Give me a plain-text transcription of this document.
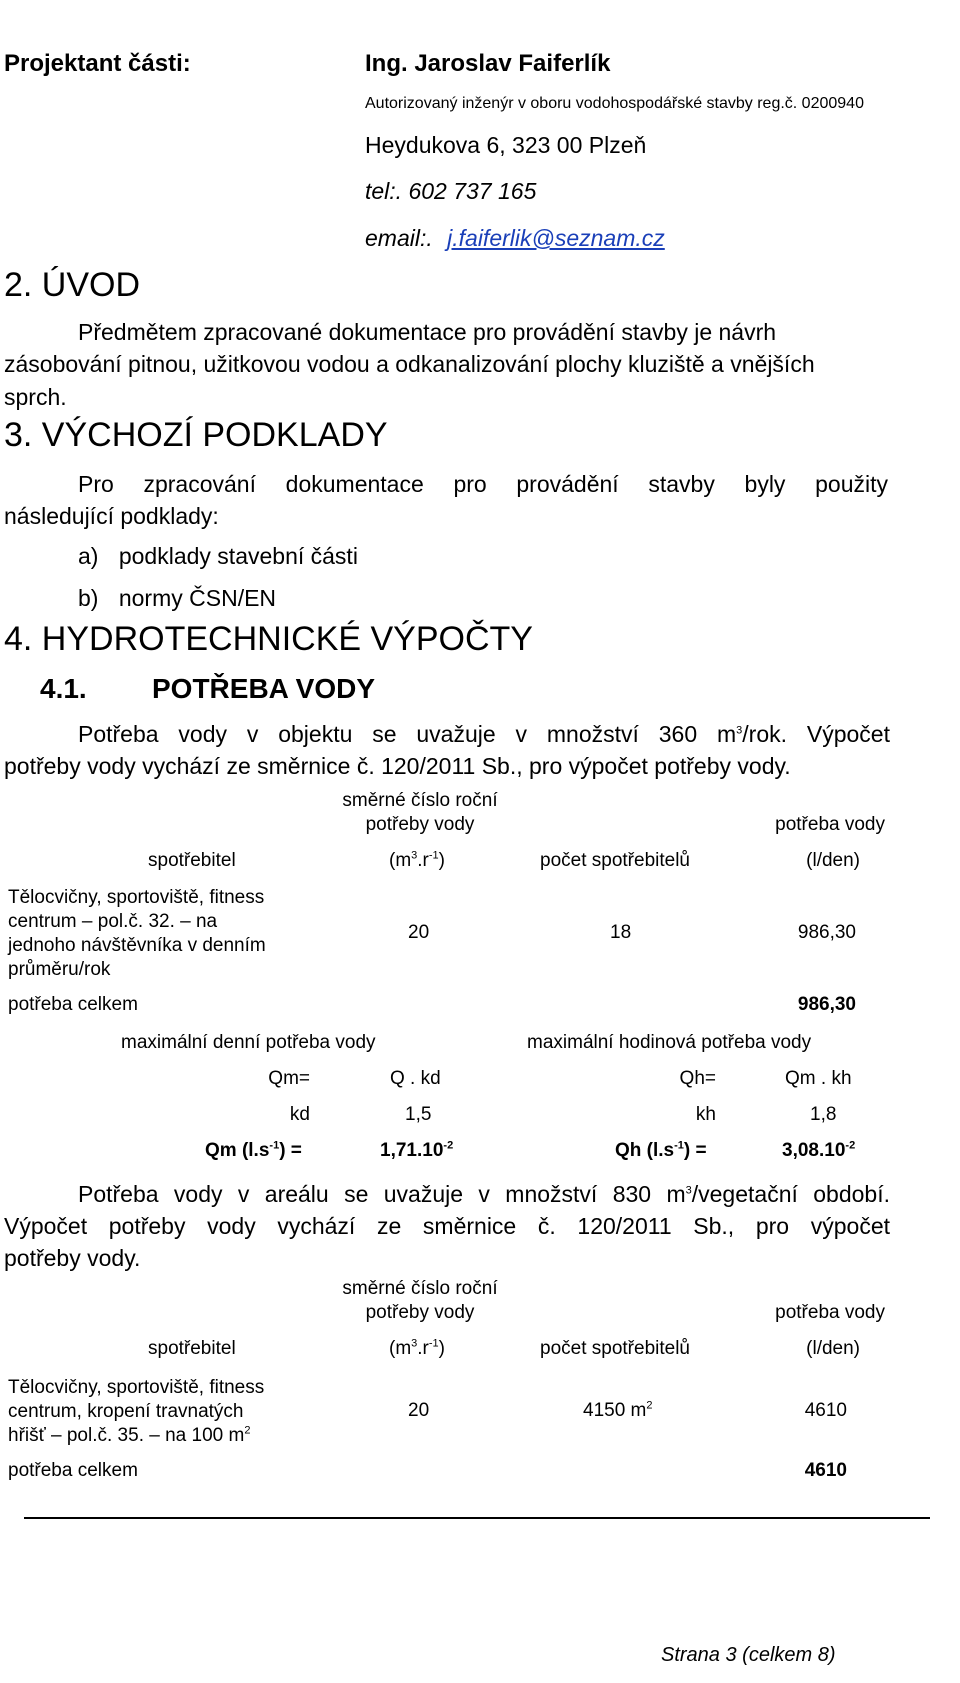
Projektant části:	Ing. Jaroslav Faiferlík
Autorizovaný inženýr v oboru vodohospodářské stavby reg.č. 0200940
Heydukova 6, 323 00 Plzeň
tel:. 602 737 165
email:. j.faiferlik@seznam.cz
2. ÚVOD
Předmětem zpracované dokumentace pro provádění stavby je návrh
zásobování pitnou, užitkovou vodou a odkanalizování plochy kluziště a vnějších
sprch.
3. VÝCHOZÍ PODKLADY
Pro zpracování dokumentace pro provádění stavby byly použity
následující podklady:
a) podklady stavební části
b) normy ČSN/EN
4. HYDROTECHNICKÉ VÝPOČTY
4.1. POTŘEBA VODY
Potřeba vody v objektu se uvažuje v množství 360 $m^3$/rok. Výpočet
potřeby vody vychází ze směrnice č. 120/2011 Sb., pro výpočet potřeby vody.
směrné číslo roční
potřeby vody	potřeba vody
spotřebitel	$(m^3.r^{-1})$	počet spotřebitelů	(l/den)
Tělocvičny, sportoviště, fitness
centrum – pol.č. 32. – na
jednoho návštěvníka v denním
průměru/rok
20	18	986,30
potřeba celkem	986,30
maximální denní potřeba vody	maximální hodinová potřeba vody
Qm=	Q . kd	Qh=	Qm . kh
kd	1,5	kh	1,8
Qm $(l.s^{-1})$ =	$1,71.10^{-2}$	Qh $(l.s^{-1})$ =	$3,08.10^{-2}$
Potřeba vody v areálu se uvažuje v množství 830 $m^3$/vegetační období.
Výpočet potřeby vody vychází ze směrnice č. 120/2011 Sb., pro výpočet
potřeby vody.
směrné číslo roční
potřeby vody	potřeba vody
spotřebitel	$(m^3.r^{-1})$	počet spotřebitelů	(l/den)
Tělocvičny, sportoviště, fitness
centrum, kropení travnatých
hřišť – pol.č. 35. – na 100 $m^2$
20	4150 $m^2$	4610
potřeba celkem	4610
Strana 3 (celkem 8)
